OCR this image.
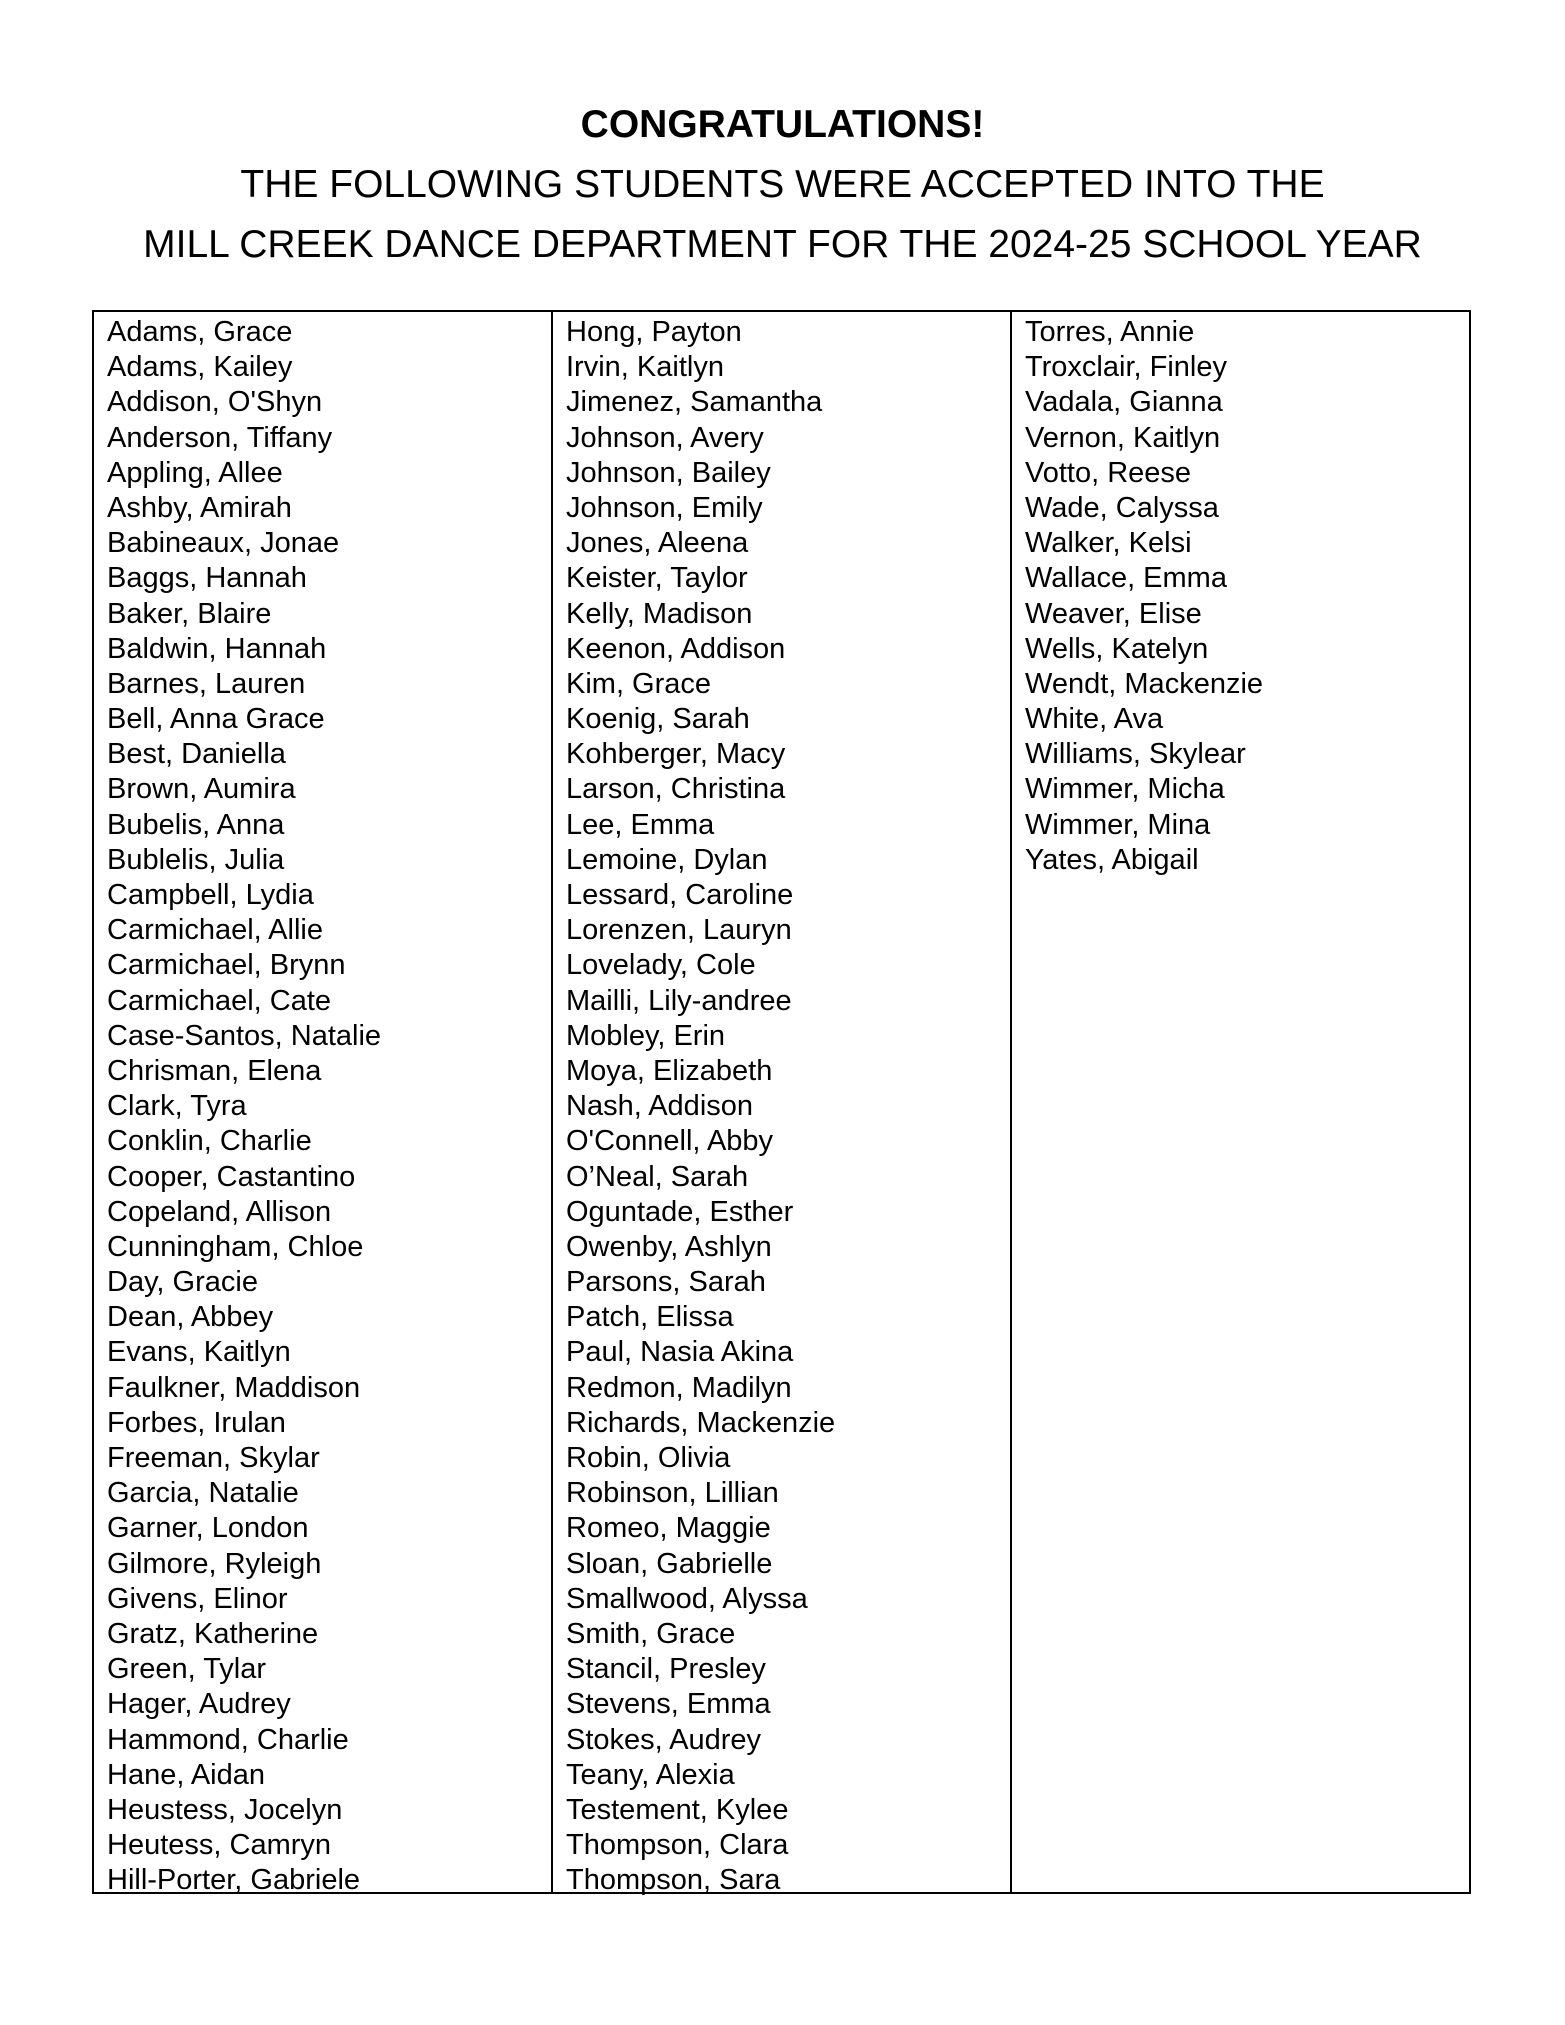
CONGRATULATIONS!
THE FOLLOWING STUDENTS WERE ACCEPTED INTO THE
MILL CREEK DANCE DEPARTMENT FOR THE 2024-25 SCHOOL YEAR
Adams, Grace
Adams, Kailey
Addison, O'Shyn
Anderson, Tiffany
Appling, Allee
Ashby, Amirah
Babineaux, Jonae
Baggs, Hannah
Baker, Blaire
Baldwin, Hannah
Barnes, Lauren
Bell, Anna Grace
Best, Daniella
Brown, Aumira
Bubelis, Anna
Bublelis, Julia
Campbell, Lydia
Carmichael, Allie
Carmichael, Brynn
Carmichael, Cate
Case-Santos, Natalie
Chrisman, Elena
Clark, Tyra
Conklin, Charlie
Cooper, Castantino
Copeland, Allison
Cunningham, Chloe
Day, Gracie
Dean, Abbey
Evans, Kaitlyn
Faulkner, Maddison
Forbes, Irulan
Freeman, Skylar
Garcia, Natalie
Garner, London
Gilmore, Ryleigh
Givens, Elinor
Gratz, Katherine
Green, Tylar
Hager, Audrey
Hammond, Charlie
Hane, Aidan
Heustess, Jocelyn
Heutess, Camryn
Hill-Porter, Gabriele
Hong, Payton
Irvin, Kaitlyn
Jimenez, Samantha
Johnson, Avery
Johnson, Bailey
Johnson, Emily
Jones, Aleena
Keister, Taylor
Kelly, Madison
Keenon, Addison
Kim, Grace
Koenig, Sarah
Kohberger, Macy
Larson, Christina
Lee, Emma
Lemoine, Dylan
Lessard, Caroline
Lorenzen, Lauryn
Lovelady, Cole
Mailli, Lily-andree
Mobley, Erin
Moya, Elizabeth
Nash, Addison
O'Connell, Abby
O’Neal, Sarah
Oguntade, Esther
Owenby, Ashlyn
Parsons, Sarah
Patch, Elissa
Paul, Nasia Akina
Redmon, Madilyn
Richards, Mackenzie
Robin, Olivia
Robinson, Lillian
Romeo, Maggie
Sloan, Gabrielle
Smallwood, Alyssa
Smith, Grace
Stancil, Presley
Stevens, Emma
Stokes, Audrey
Teany, Alexia
Testement, Kylee
Thompson, Clara
Thompson, Sara
Torres, Annie
Troxclair, Finley
Vadala, Gianna
Vernon, Kaitlyn
Votto, Reese
Wade, Calyssa
Walker, Kelsi
Wallace, Emma
Weaver, Elise
Wells, Katelyn
Wendt, Mackenzie
White, Ava
Williams, Skylear
Wimmer, Micha
Wimmer, Mina
Yates, Abigail
